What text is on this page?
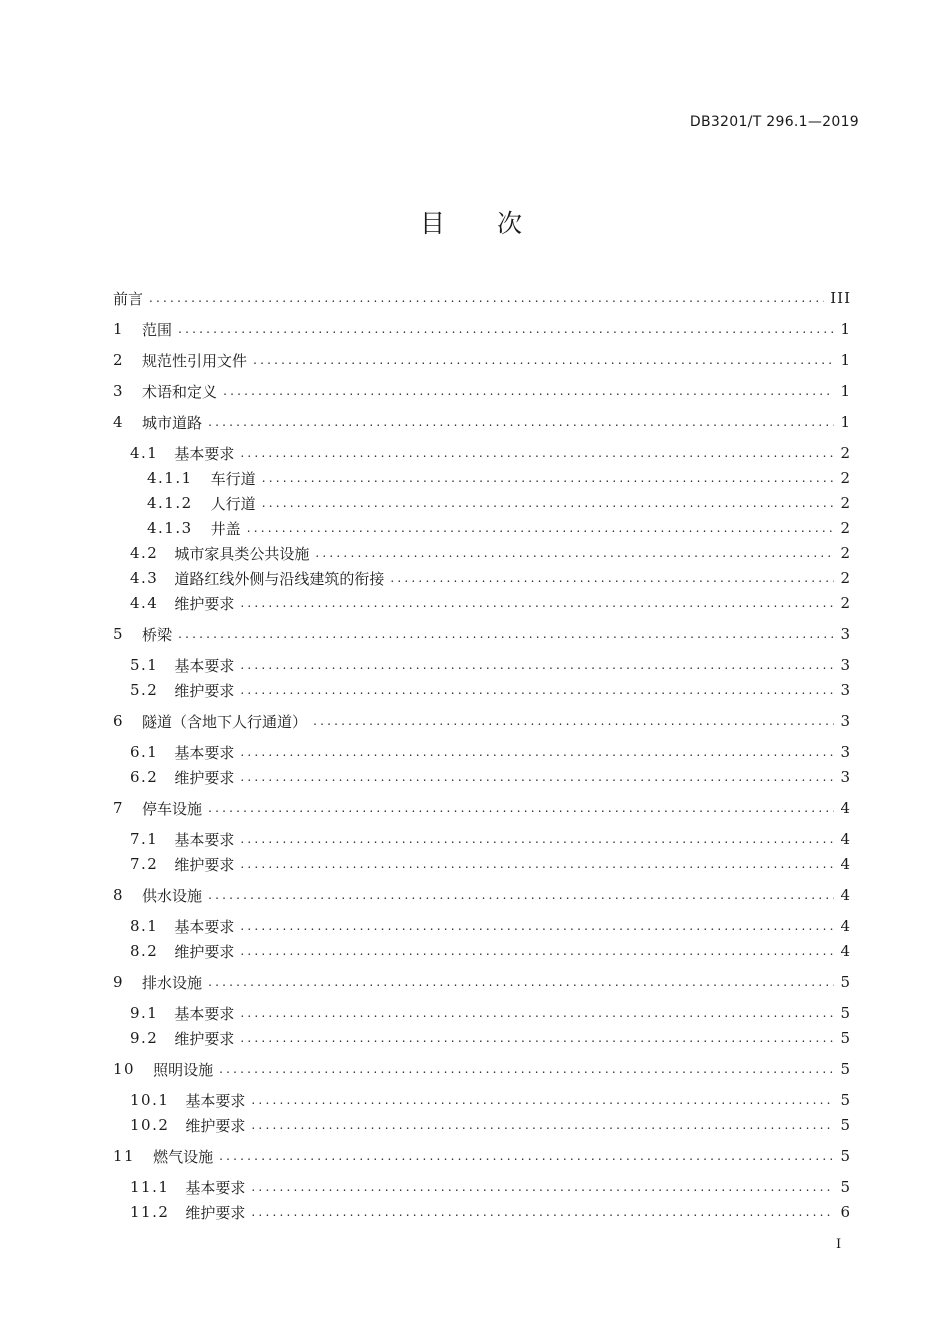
DB3201/T 296.1—2019
目 次
前言 .....	III
1 范围 .....	1
2 规范性引用文件 .....	1
3 术语和定义 .....	1
4 城市道路 .....	1
4.1 基本要求 .....	2
4.1.1 车行道 .....	2
4.1.2 人行道 .....	2
4.1.3 井盖 .....	2
4.2 城市家具类公共设施 .....	2
4.3 道路红线外侧与沿线建筑的衔接 .....	2
4.4 维护要求 .....	2
5 桥梁 .....	3
5.1 基本要求 .....	3
5.2 维护要求 .....	3
6 隧道（含地下人行通道） .....	3
6.1 基本要求 .....	3
6.2 维护要求 .....	3
7 停车设施 .....	4
7.1 基本要求 .....	4
7.2 维护要求 .....	4
8 供水设施 .....	4
8.1 基本要求 .....	4
8.2 维护要求 .....	4
9 排水设施 .....	5
9.1 基本要求 .....	5
9.2 维护要求 .....	5
10 照明设施 .....	5
10.1 基本要求 .....	5
10.2 维护要求 .....	5
11 燃气设施 .....	5
11.1 基本要求 .....	5
11.2 维护要求 .....	6
I
